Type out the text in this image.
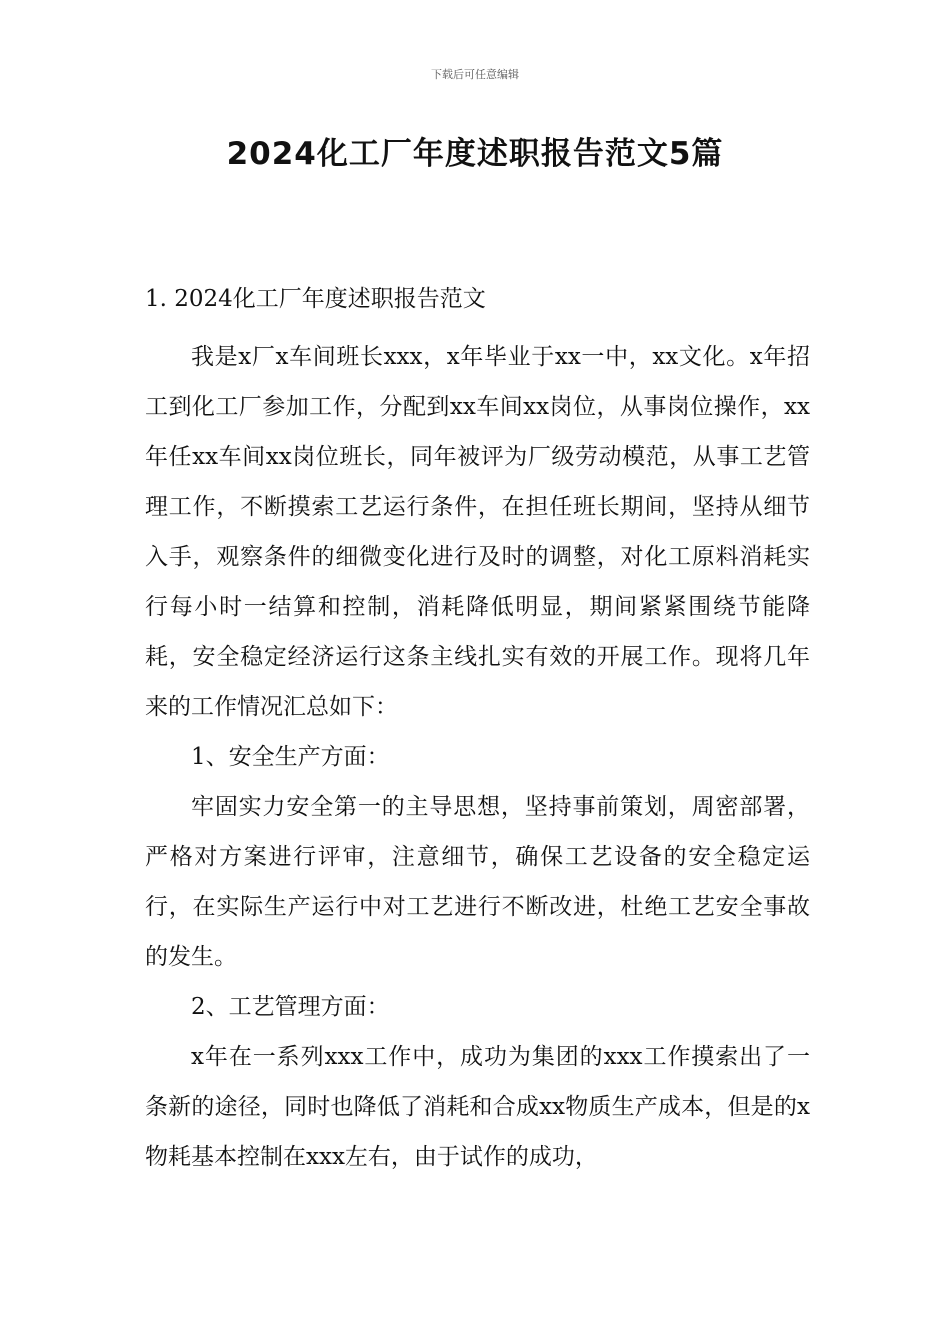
下载后可任意编辑
2024化工厂年度述职报告范文5篇
1. 2024化工厂年度述职报告范文

我是x厂x车间班长xxx，x年毕业于xx一中，xx文化。x年招工到化工厂参加工作，分配到xx车间xx岗位，从事岗位操作，xx年任xx车间xx岗位班长，同年被评为厂级劳动模范，从事工艺管理工作，不断摸索工艺运行条件，在担任班长期间，坚持从细节入手，观察条件的细微变化进行及时的调整，对化工原料消耗实行每小时一结算和控制，消耗降低明显，期间紧紧围绕节能降耗，安全稳定经济运行这条主线扎实有效的开展工作。现将几年来的工作情况汇总如下：

1、安全生产方面：

牢固实力安全第一的主导思想，坚持事前策划，周密部署，严格对方案进行评审，注意细节，确保工艺设备的安全稳定运行，在实际生产运行中对工艺进行不断改进，杜绝工艺安全事故的发生。

2、工艺管理方面：

x年在一系列xxx工作中，成功为集团的xxx工作摸索出了一条新的途径，同时也降低了消耗和合成xx物质生产成本，但是的x物耗基本控制在xxx左右，由于试作的成功，
